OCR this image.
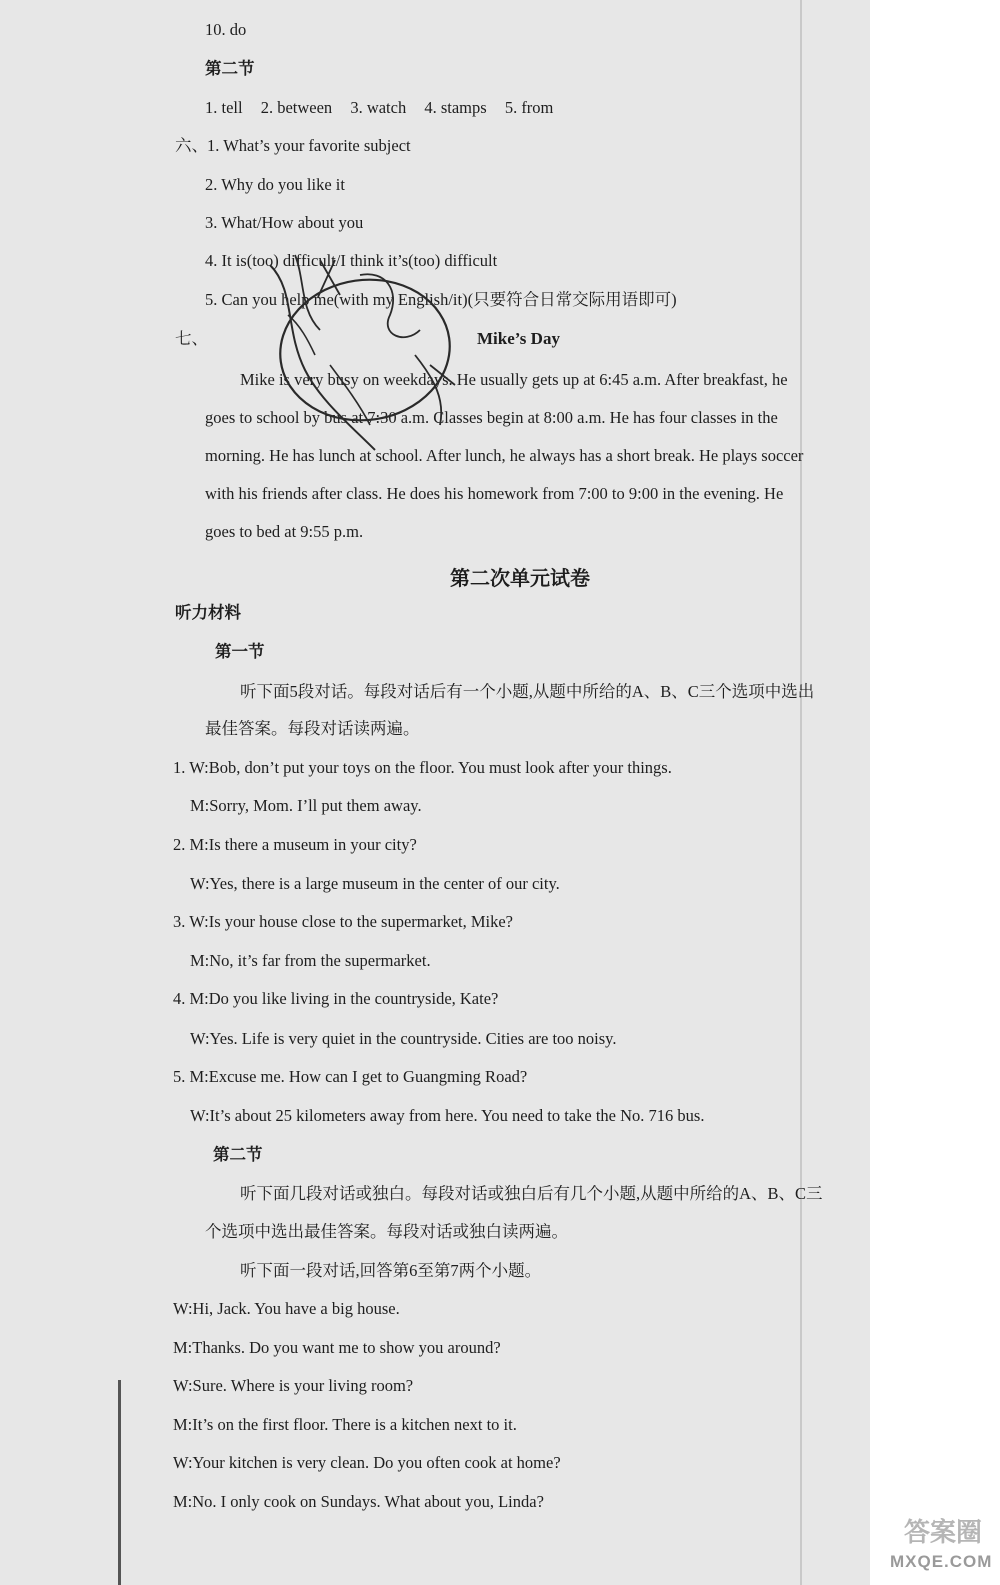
10. do
第二节
1. tell 2. between 3. watch 4. stamps 5. from
六、 1. What’s your favorite subject
2. Why do you like it
3. What/How about you
4. It is(too) difficult/I think it’s(too) difficult
5. Can you help me(with my English/it)(只要符合日常交际用语即可)
七、	Mike’s Day
Mike is very busy on weekdays. He usually gets up at 6:45 a.m. After breakfast, he
goes to school by bus at 7:30 a.m. Classes begin at 8:00 a.m. He has four classes in the
morning. He has lunch at school. After lunch, he always has a short break. He plays soccer
with his friends after class. He does his homework from 7:00 to 9:00 in the evening. He
goes to bed at 9:55 p.m.
第二次单元试卷
听力材料
第一节
听下面5段对话。每段对话后有一个小题,从题中所给的A、B、C三个选项中选出
最佳答案。每段对话读两遍。
1. W:Bob, don’t put your toys on the floor. You must look after your things.
M:Sorry, Mom. I’ll put them away.
2. M:Is there a museum in your city?
W:Yes, there is a large museum in the center of our city.
3. W:Is your house close to the supermarket, Mike?
M:No, it’s far from the supermarket.
4. M:Do you like living in the countryside, Kate?
W:Yes. Life is very quiet in the countryside. Cities are too noisy.
5. M:Excuse me. How can I get to Guangming Road?
W:It’s about 25 kilometers away from here. You need to take the No. 716 bus.
第二节
听下面几段对话或独白。每段对话或独白后有几个小题,从题中所给的A、B、C三
个选项中选出最佳答案。每段对话或独白读两遍。
听下面一段对话,回答第6至第7两个小题。
W:Hi, Jack. You have a big house.
M:Thanks. Do you want me to show you around?
W:Sure. Where is your living room?
M:It’s on the first floor. There is a kitchen next to it.
W:Your kitchen is very clean. Do you often cook at home?
M:No. I only cook on Sundays. What about you, Linda?
答案圈
MXQE.COM
